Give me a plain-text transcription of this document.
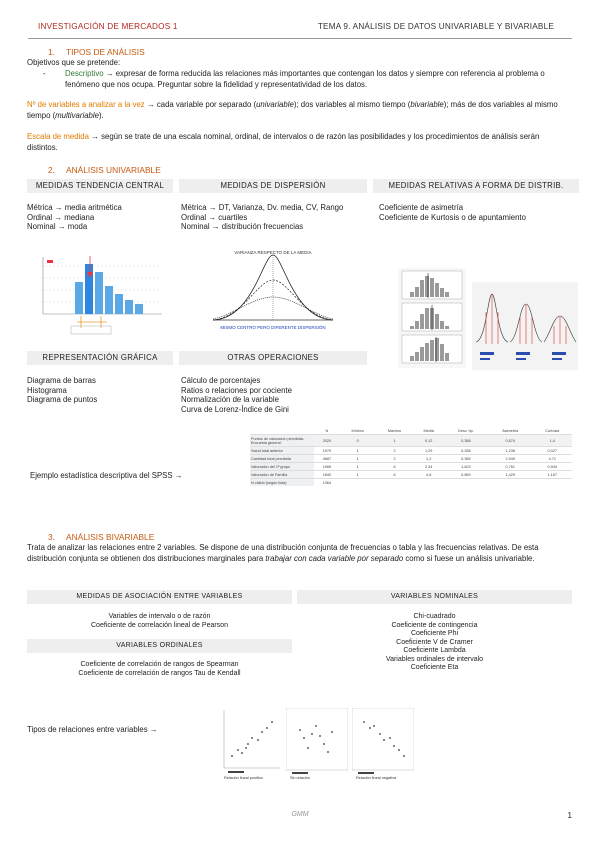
INVESTIGACIÓN DE MERCADOS 1	TEMA 9. ANÁLISIS DE DATOS UNIVARIABLE Y BIVARIABLE
1. TIPOS DE ANÁLISIS
Objetivos que se pretende:
- Descriptivo → expresar de forma reducida las relaciones más importantes que contengan los datos y siempre con referencia al problema o fenómeno que nos ocupa. Preguntar sobre la fidelidad y representatividad de los datos.
Nº de variables a analizar a la vez → cada variable por separado (univariable); dos variables al mismo tiempo (bivariable); más de dos variables al mismo tiempo (multivariable).
Escala de medida → según se trate de una escala nominal, ordinal, de intervalos o de razón las posibilidades y los procedimientos de análisis serán distintos.
2. ANÁLISIS UNIVARIABLE
MEDIDAS TENDENCIA CENTRAL	MEDIDAS DE DISPERSIÓN	MEDIDAS RELATIVAS A FORMA DE DISTRIB.
Métrica → media aritmética
Ordinal → mediana
Nominal → moda
Métrica → DT, Varianza, Dv. media, CV, Rango
Ordinal → cuartiles
Nominal → distribución frecuencias
Coeficiente de asimetría
Coeficiente de Kurtosis o de apuntamiento
VARIANZA RESPECTO DE LA MEDIA
MISMO CENTRO PERO DIFERENTE DISPERSIÓN
REPRESENTACIÓN GRÁFICA	OTRAS OPERACIONES
Diagrama de barras
Histograma
Diagrama de puntos
Cálculo de porcentajes
Ratios o relaciones por cociente
Normalización de la variable
Curva de Lorenz-Índice de Gini
Ejemplo estadística descriptiva del SPSS →
	N	Mínimo	Máximo	Media	Desv. típ.	Asimetría	Curtosis
Puntos de valoración percibida: Encuesta general	2020	0	1	0,12	0,358	0,574	1,4
Salud total anterior	1970	1	2	1,29	0,336	1,236	0,027
Cantidad total percibida	4687	1	2	1,2	0,356	2,949	4,71
Valoración del 1ª grupo	1965	1	6	2,34	1,623	0,761	0,944
Valoración de Familia	1840	1	6	4,8	0,859	1,429	1,157
N válido (según lista)	1364						
3. ANÁLISIS BIVARIABLE
Trata de analizar las relaciones entre 2 variables. Se dispone de una distribución conjunta de frecuencias o tabla y las frecuencias relativas. De esta distribución conjunta se obtienen dos distribuciones marginales para trabajar con cada variable por separado como si fuese un análisis univariable.
MEDIDAS DE ASOCIACIÓN ENTRE VARIABLES	VARIABLES NOMINALES
Variables de intervalo o de razón
Coeficiente de correlación lineal de Pearson
VARIABLES ORDINALES
Coeficiente de correlación de rangos de Spearman
Coeficiente de correlación de rangos Tau de Kendall
Chi-cuadrado
Coeficiente de contingencia
Coeficiente Phi
Coeficiente V de Cramer
Coeficiente Lambda
Variables ordinales de intervalo
Coeficiente Eta
Tipos de relaciones entre variables →
Relación lineal positiva	Sin relación	Relación lineal negativa
GMM	1
